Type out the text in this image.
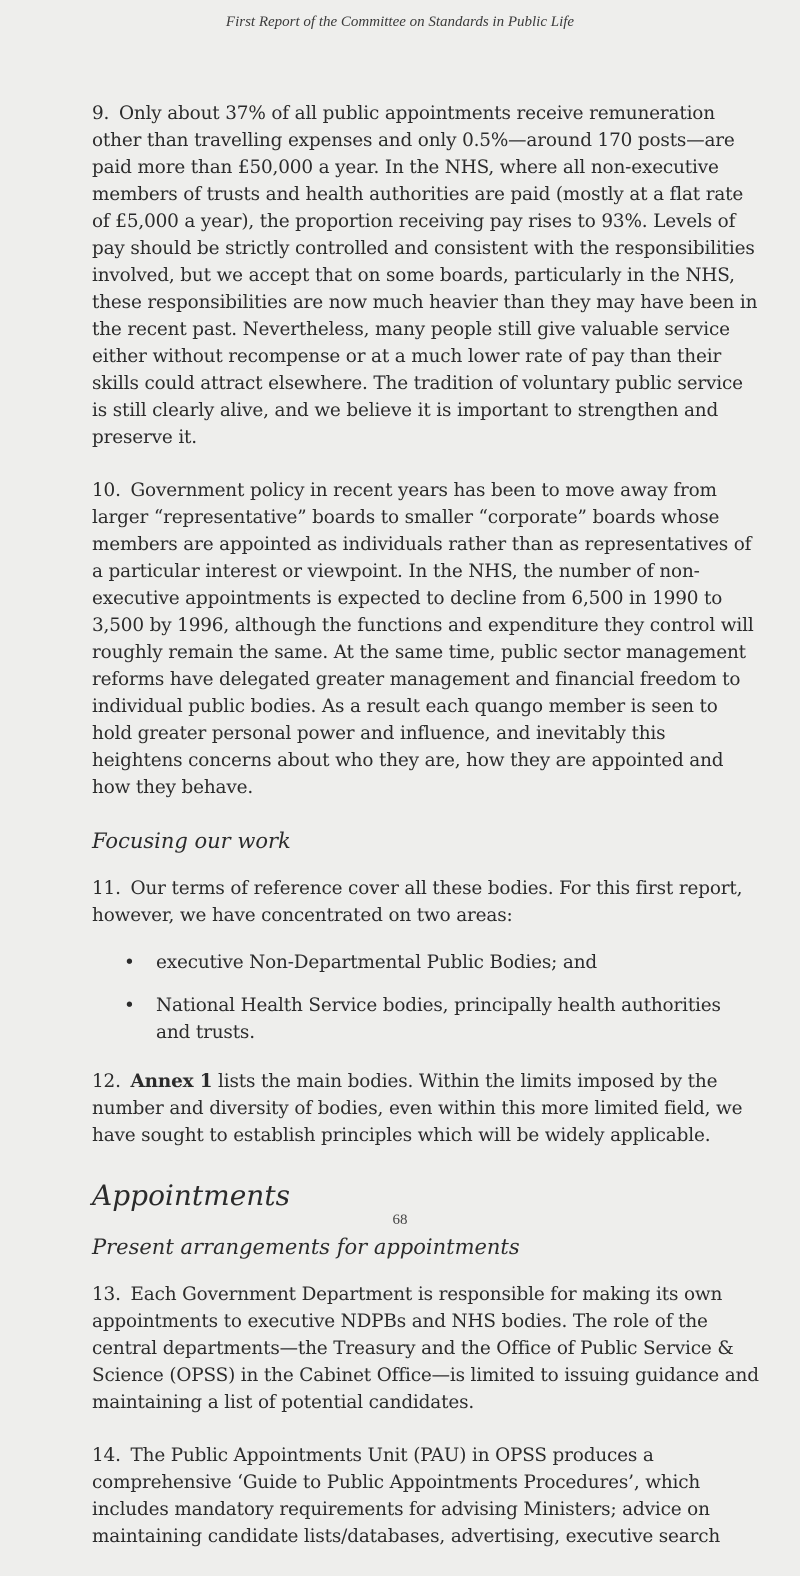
First Report of the Committee on Standards in Public Life

9. Only about 37% of all public appointments receive remuneration other than travelling expenses and only 0.5%—around 170 posts—are paid more than £50,000 a year. In the NHS, where all non-executive members of trusts and health authorities are paid (mostly at a flat rate of £5,000 a year), the proportion receiving pay rises to 93%. Levels of pay should be strictly controlled and consistent with the responsibilities involved, but we accept that on some boards, particularly in the NHS, these responsibilities are now much heavier than they may have been in the recent past. Nevertheless, many people still give valuable service either without recompense or at a much lower rate of pay than their skills could attract elsewhere. The tradition of voluntary public service is still clearly alive, and we believe it is important to strengthen and preserve it.

10. Government policy in recent years has been to move away from larger “representative” boards to smaller “corporate” boards whose members are appointed as individuals rather than as representatives of a particular interest or viewpoint. In the NHS, the number of non-executive appointments is expected to decline from 6,500 in 1990 to 3,500 by 1996, although the functions and expenditure they control will roughly remain the same. At the same time, public sector management reforms have delegated greater management and financial freedom to individual public bodies. As a result each quango member is seen to hold greater personal power and influence, and inevitably this heightens concerns about who they are, how they are appointed and how they behave.

Focusing our work

11. Our terms of reference cover all these bodies. For this first report, however, we have concentrated on two areas:

• executive Non-Departmental Public Bodies; and
• National Health Service bodies, principally health authorities and trusts.

12. Annex 1 lists the main bodies. Within the limits imposed by the number and diversity of bodies, even within this more limited field, we have sought to establish principles which will be widely applicable.

Appointments
Present arrangements for appointments

13. Each Government Department is responsible for making its own appointments to executive NDPBs and NHS bodies. The role of the central departments—the Treasury and the Office of Public Service & Science (OPSS) in the Cabinet Office—is limited to issuing guidance and maintaining a list of potential candidates.

14. The Public Appointments Unit (PAU) in OPSS produces a comprehensive ‘Guide to Public Appointments Procedures’, which includes mandatory requirements for advising Ministers; advice on maintaining candidate lists/databases, advertising, executive search

68
